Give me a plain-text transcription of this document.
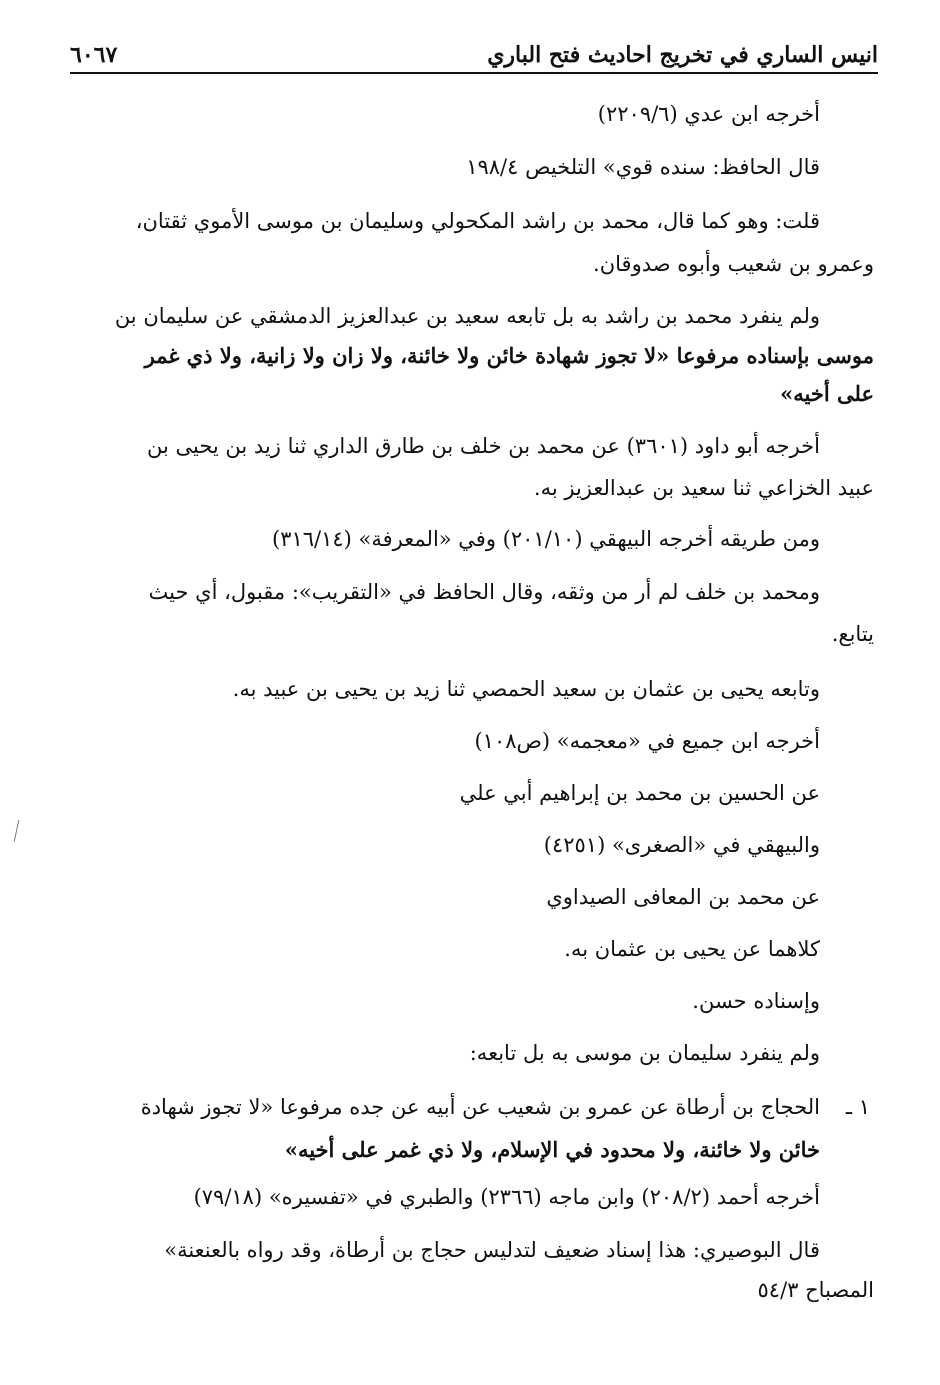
انيس الساري في تخريج احاديث فتح الباري
٦٠٦٧
أخرجه ابن عدي (٢٢٠٩/٦)
قال الحافظ: سنده قوي» التلخيص ١٩٨/٤
قلت: وهو كما قال، محمد بن راشد المكحولي وسليمان بن موسى الأموي ثقتان،
وعمرو بن شعيب وأبوه صدوقان.
ولم ينفرد محمد بن راشد به بل تابعه سعيد بن عبدالعزيز الدمشقي عن سليمان بن
موسى بإسناده مرفوعا «لا تجوز شهادة خائن ولا خائنة، ولا زان ولا زانية، ولا ذي غمر
على أخيه»
أخرجه أبو داود (٣٦٠١) عن محمد بن خلف بن طارق الداري ثنا زيد بن يحيى بن
عبيد الخزاعي ثنا سعيد بن عبدالعزيز به.
ومن طريقه أخرجه البيهقي (٢٠١/١٠) وفي «المعرفة» (٣١٦/١٤)
ومحمد بن خلف لم أر من وثقه، وقال الحافظ في «التقريب»: مقبول، أي حيث
يتابع.
وتابعه يحيى بن عثمان بن سعيد الحمصي ثنا زيد بن يحيى بن عبيد به.
أخرجه ابن جميع في «معجمه» (ص١٠٨)
عن الحسين بن محمد بن إبراهيم أبي علي
والبيهقي في «الصغرى» (٤٢٥١)
عن محمد بن المعافى الصيداوي
كلاهما عن يحيى بن عثمان به.
وإسناده حسن.
ولم ينفرد سليمان بن موسى به بل تابعه:
١ ـ
الحجاج بن أرطاة عن عمرو بن شعيب عن أبيه عن جده مرفوعا «لا تجوز شهادة
خائن ولا خائنة، ولا محدود في الإسلام، ولا ذي غمر على أخيه»
أخرجه أحمد (٢٠٨/٢) وابن ماجه (٢٣٦٦) والطبري في «تفسيره» (٧٩/١٨)
قال البوصيري: هذا إسناد ضعيف لتدليس حجاج بن أرطاة، وقد رواه بالعنعنة»
المصباح ٥٤/٣
